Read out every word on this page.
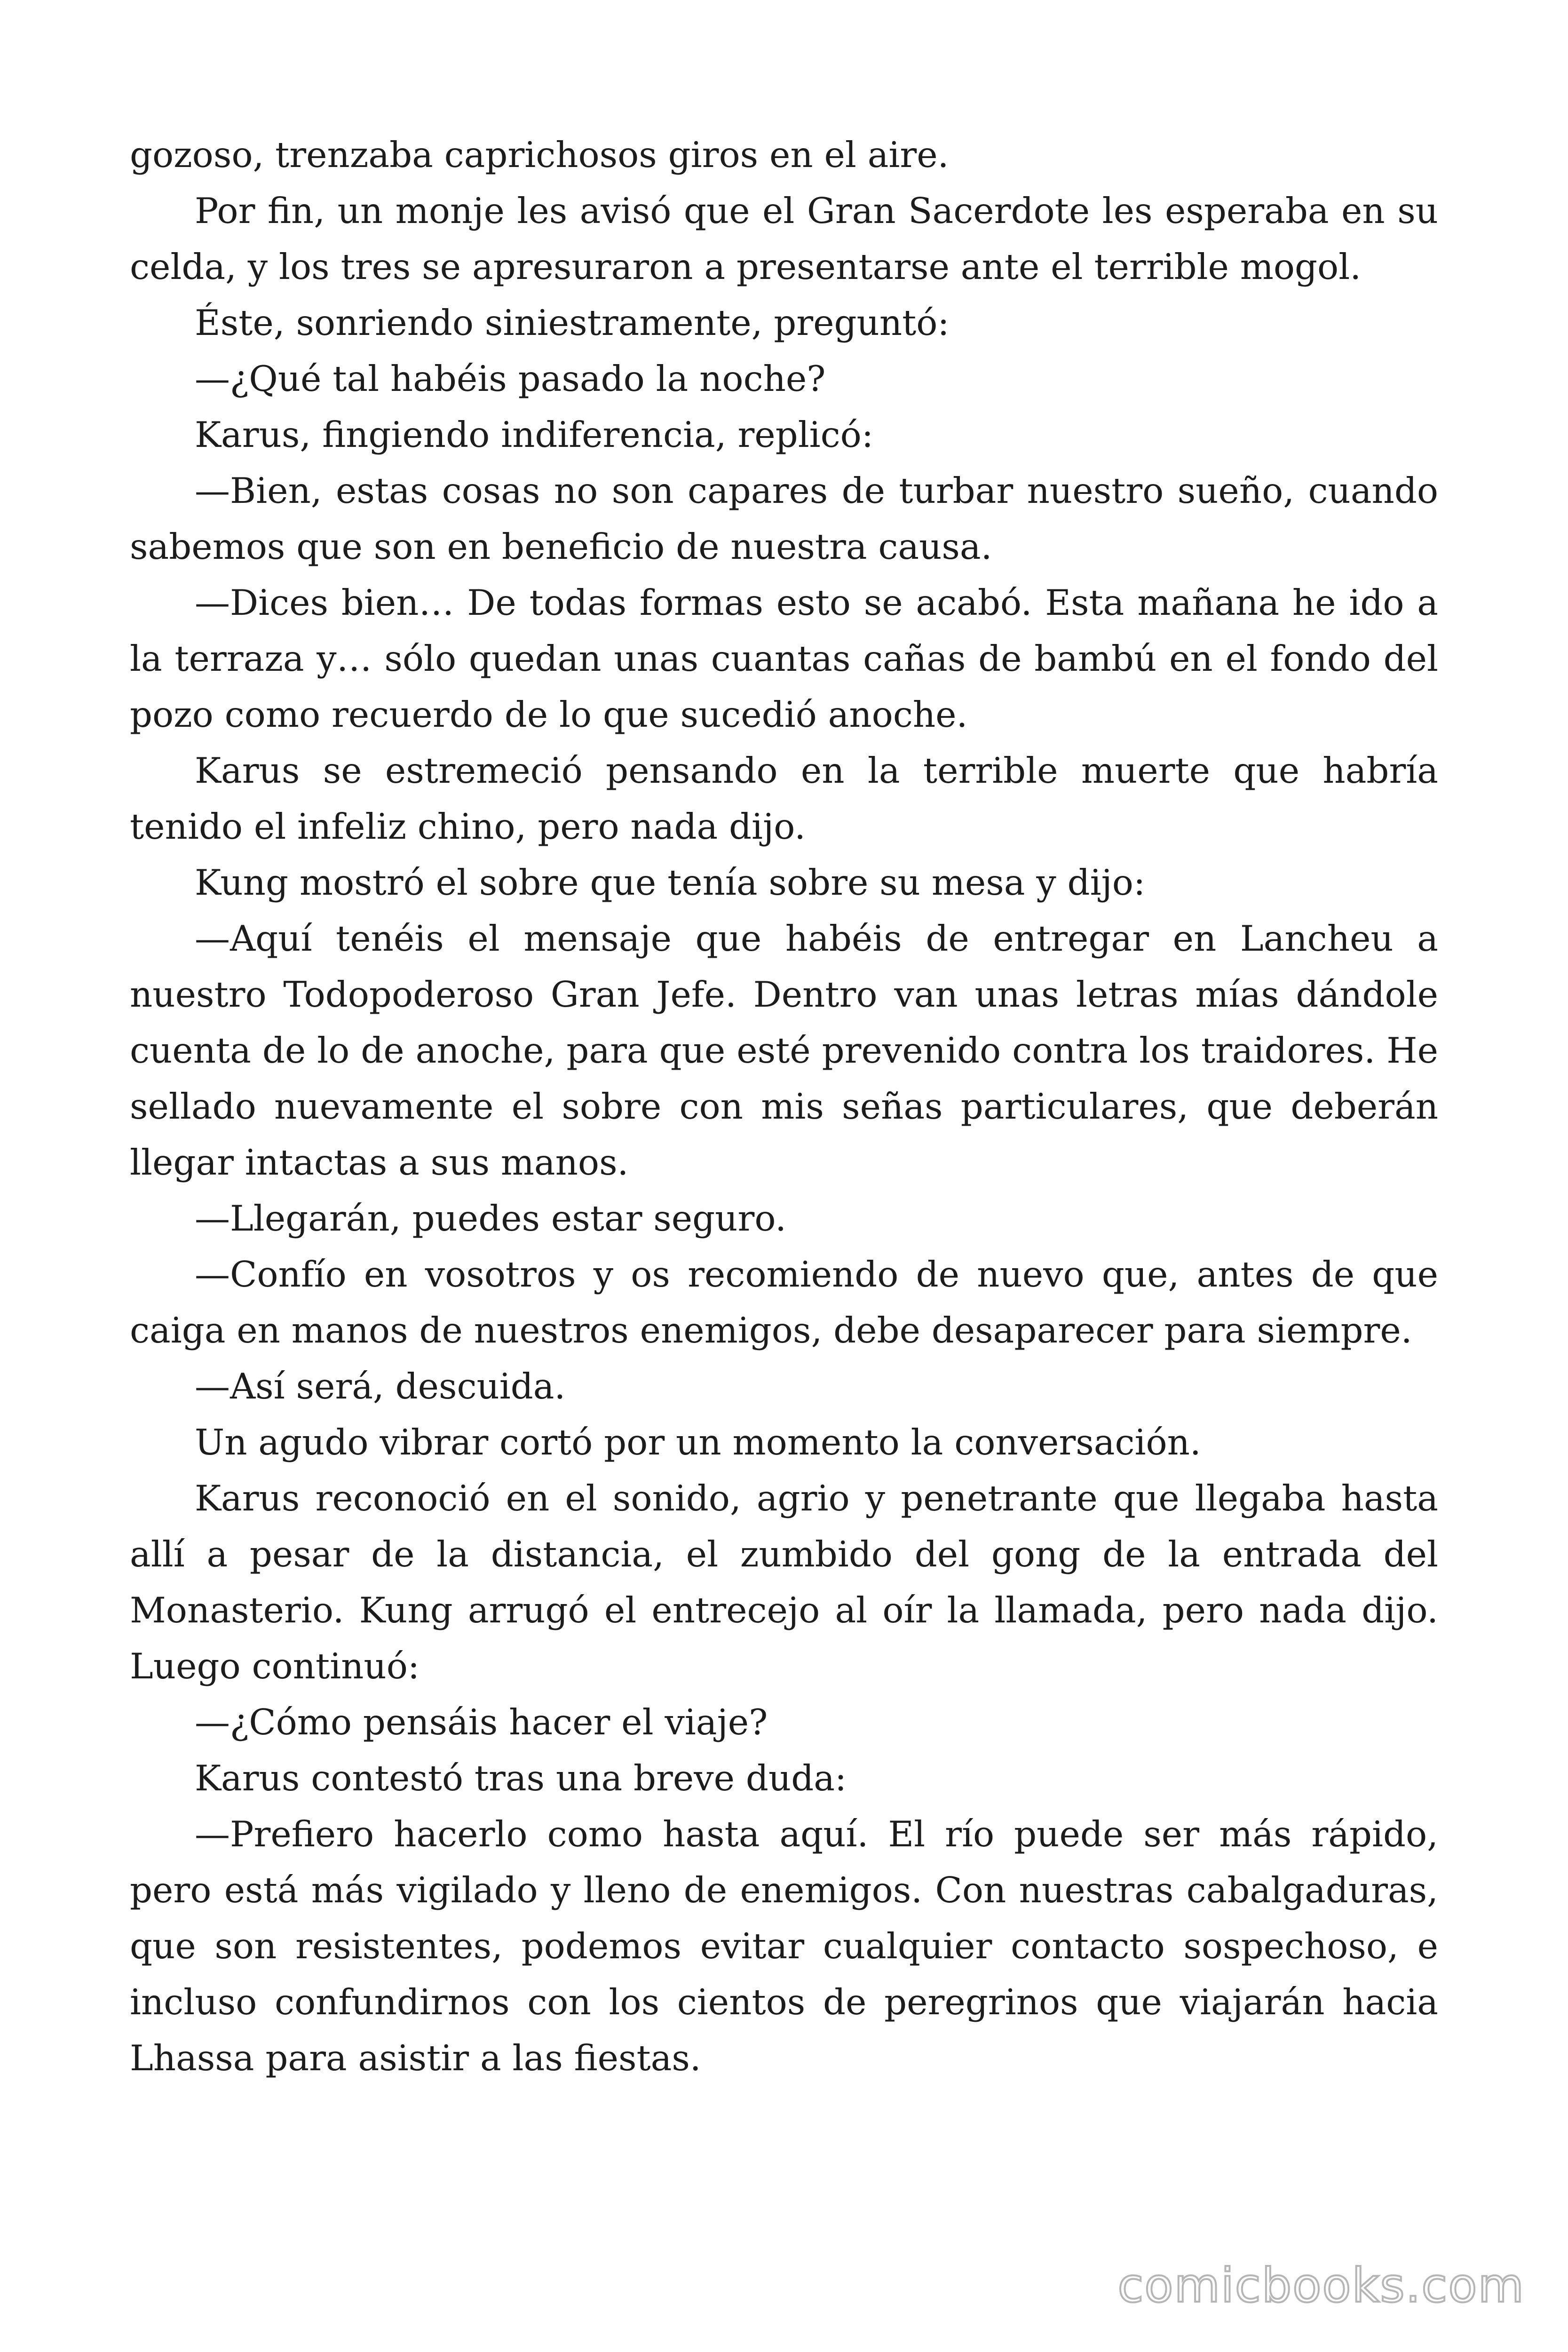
gozoso, trenzaba caprichosos giros en el aire.

Por fin, un monje les avisó que el Gran Sacerdote les esperaba en su celda, y los tres se apresuraron a presentarse ante el terrible mogol.

Éste, sonriendo siniestramente, preguntó:

—¿Qué tal habéis pasado la noche?

Karus, fingiendo indiferencia, replicó:

—Bien, estas cosas no son capares de turbar nuestro sueño, cuando sabemos que son en beneficio de nuestra causa.

—Dices bien… De todas formas esto se acabó. Esta mañana he ido a la terraza y… sólo quedan unas cuantas cañas de bambú en el fondo del pozo como recuerdo de lo que sucedió anoche.

Karus se estremeció pensando en la terrible muerte que habría tenido el infeliz chino, pero nada dijo.

Kung mostró el sobre que tenía sobre su mesa y dijo:

—Aquí tenéis el mensaje que habéis de entregar en Lancheu a nuestro Todopoderoso Gran Jefe. Dentro van unas letras mías dándole cuenta de lo de anoche, para que esté prevenido contra los traidores. He sellado nuevamente el sobre con mis señas particulares, que deberán llegar intactas a sus manos.

—Llegarán, puedes estar seguro.

—Confío en vosotros y os recomiendo de nuevo que, antes de que caiga en manos de nuestros enemigos, debe desaparecer para siempre.

—Así será, descuida.

Un agudo vibrar cortó por un momento la conversación.

Karus reconoció en el sonido, agrio y penetrante que llegaba hasta allí a pesar de la distancia, el zumbido del gong de la entrada del Monasterio. Kung arrugó el entrecejo al oír la llamada, pero nada dijo. Luego continuó:

—¿Cómo pensáis hacer el viaje?

Karus contestó tras una breve duda:

—Prefiero hacerlo como hasta aquí. El río puede ser más rápido, pero está más vigilado y lleno de enemigos. Con nuestras cabalgaduras, que son resistentes, podemos evitar cualquier contacto sospechoso, e incluso confundirnos con los cientos de peregrinos que viajarán hacia Lhassa para asistir a las fiestas.

comicbooks.com
